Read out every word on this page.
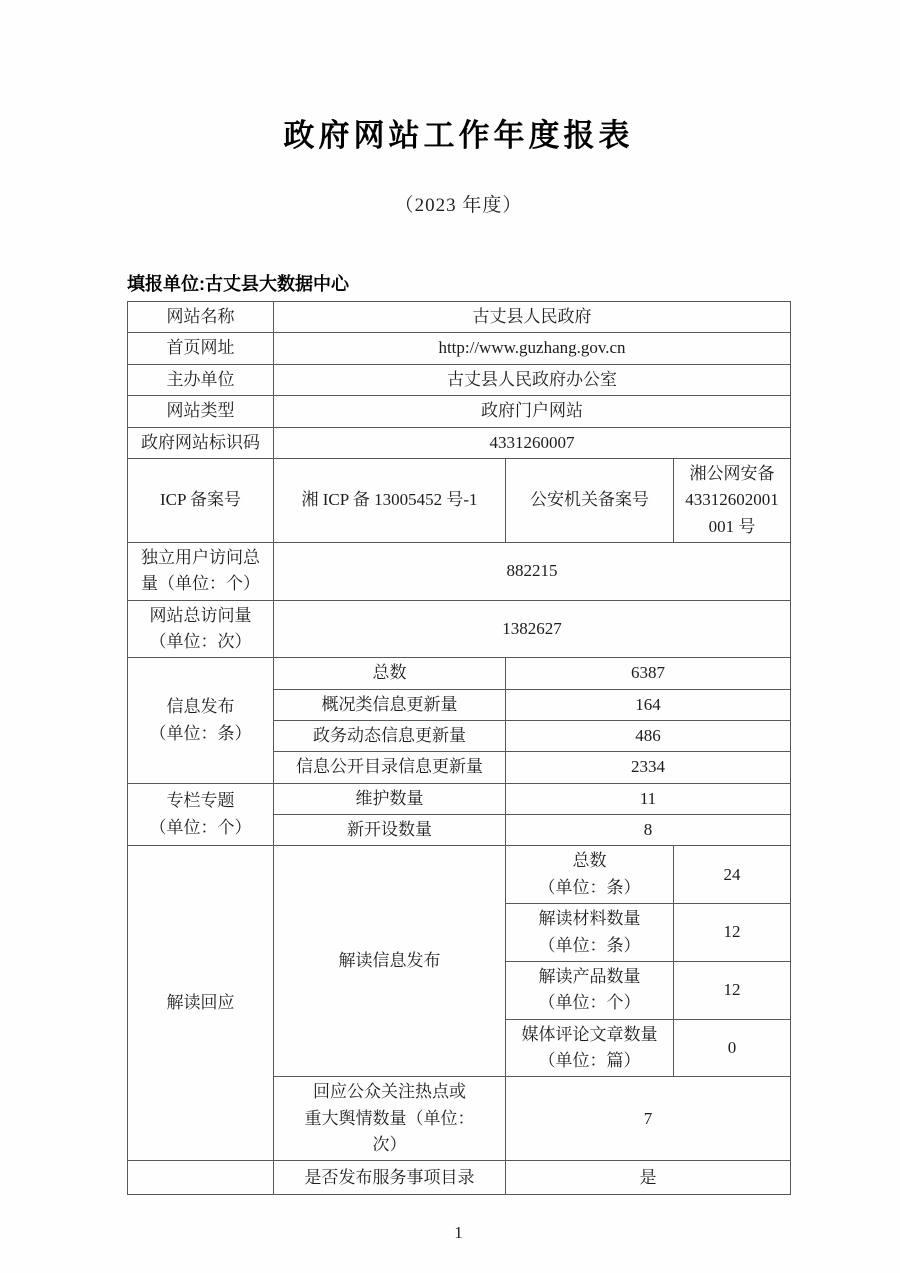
政府网站工作年度报表
（2023 年度）
填报单位:古丈县大数据中心
网站名称	古丈县人民政府		
首页网址	http://www.guzhang.gov.cn		
主办单位	古丈县人民政府办公室		
网站类型	政府门户网站		
政府网站标识码	4331260007		
ICP 备案号	湘 ICP 备 13005452 号-1	公安机关备案号	湘公网安备
43312602001
001 号

独立用户访问总
量（单位：个）	882215		

网站总访问量
（单位：次）	1382627		

信息发布
（单位：条）	总数	6387	
	概况类信息更新量	164	
	政务动态信息更新量	486	
	信息公开目录信息更新量	2334	

专栏专题
（单位：个）	维护数量	11	
	新开设数量	8	
解读回应	解读信息发布	总数
（单位：条）	24

		解读材料数量
（单位：条）	12

		解读产品数量
（单位：个）	12

		媒体评论文章数量
（单位：篇）	0

	回应公众关注热点或
重大舆情数量（单位：
次）	7	
	是否发布服务事项目录	是	
1
